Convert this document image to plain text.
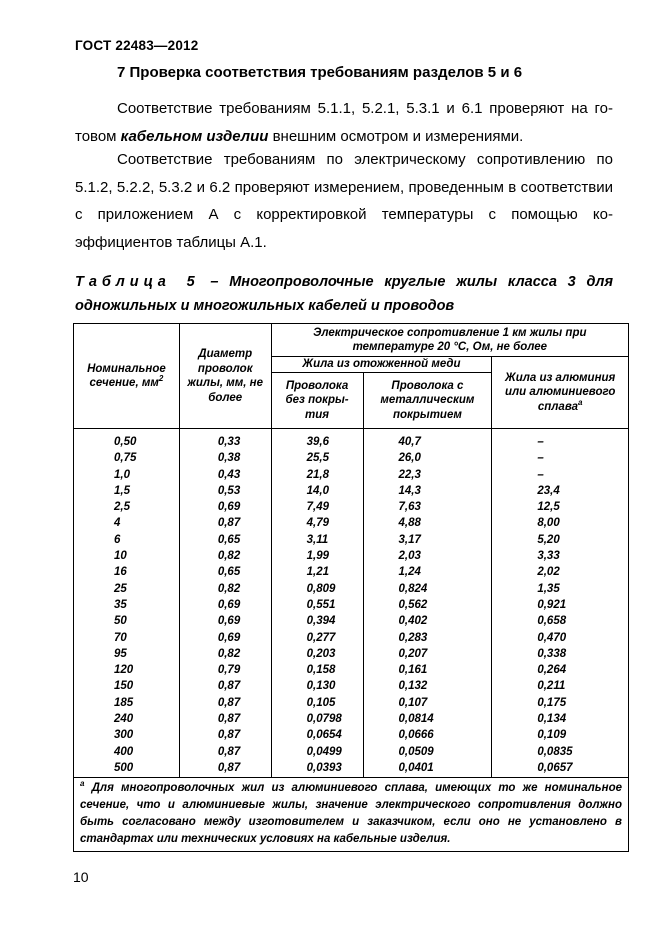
ГОСТ 22483—2012
7 Проверка соответствия требованиям разделов 5 и 6
Соответствие требованиям 5.1.1, 5.2.1, 5.3.1 и 6.1 проверяют на готовом кабельном изделии внешним осмотром и измерениями.
Соответствие требованиям по электрическому сопротивлению по 5.1.2, 5.2.2, 5.3.2 и 6.2 проверяют измерением, проведенным в соответствии с приложением А с корректировкой температуры с помощью коэффициентов таблицы А.1.
Таблица 5 – Многопроволочные круглые жилы класса 3 для одножильных и многожильных кабелей и проводов
Номинальное сечение, $мм^2$	Диаметр проволок жилы, мм, не более	Электрическое сопротивление 1 км жилы при температуре 20 °С, Ом, не более		
		Жила из отожженной меди		Жила из алюминия или алюминиевого сплава$^а$
		Проволока без покрытия	Проволока с металлическим покрытием	
0,50	0,33	39,6	40,7	–
0,75	0,38	25,5	26,0	–
1,0	0,43	21,8	22,3	–
1,5	0,53	14,0	14,3	23,4
2,5	0,69	7,49	7,63	12,5
4	0,87	4,79	4,88	8,00
6	0,65	3,11	3,17	5,20
10	0,82	1,99	2,03	3,33
16	0,65	1,21	1,24	2,02
25	0,82	0,809	0,824	1,35
35	0,69	0,551	0,562	0,921
50	0,69	0,394	0,402	0,658
70	0,69	0,277	0,283	0,470
95	0,82	0,203	0,207	0,338
120	0,79	0,158	0,161	0,264
150	0,87	0,130	0,132	0,211
185	0,87	0,105	0,107	0,175
240	0,87	0,0798	0,0814	0,134
300	0,87	0,0654	0,0666	0,109
400	0,87	0,0499	0,0509	0,0835
500	0,87	0,0393	0,0401	0,0657
$^а$ Для многопроволочных жил из алюминиевого сплава, имеющих то же номинальное сечение, что и алюминиевые жилы, значение электрического сопротивления должно быть согласовано между изготовителем и заказчиком, если оно не установлено в стандартах или технических условиях на кабельные изделия.				
10
